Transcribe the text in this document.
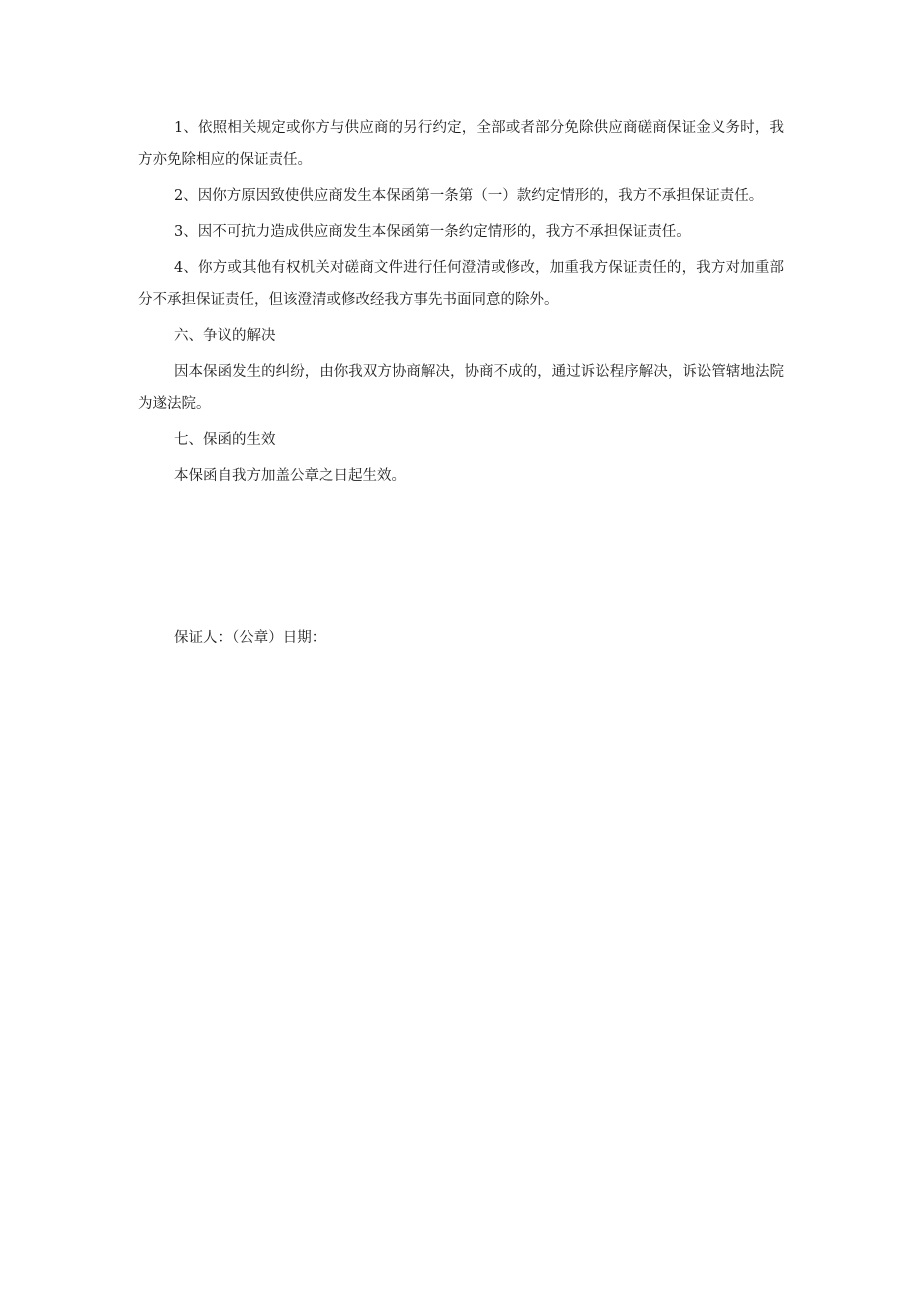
1、依照相关规定或你方与供应商的另行约定，全部或者部分免除供应商磋商保证金义务时，我方亦免除相应的保证责任。

2、因你方原因致使供应商发生本保函第一条第（一）款约定情形的，我方不承担保证责任。

3、因不可抗力造成供应商发生本保函第一条约定情形的，我方不承担保证责任。

4、你方或其他有权机关对磋商文件进行任何澄清或修改，加重我方保证责任的，我方对加重部分不承担保证责任，但该澄清或修改经我方事先书面同意的除外。

六、争议的解决

因本保函发生的纠纷，由你我双方协商解决，协商不成的，通过诉讼程序解决，诉讼管辖地法院为遂法院。

七、保函的生效

本保函自我方加盖公章之日起生效。

保证人：（公章）日期：
